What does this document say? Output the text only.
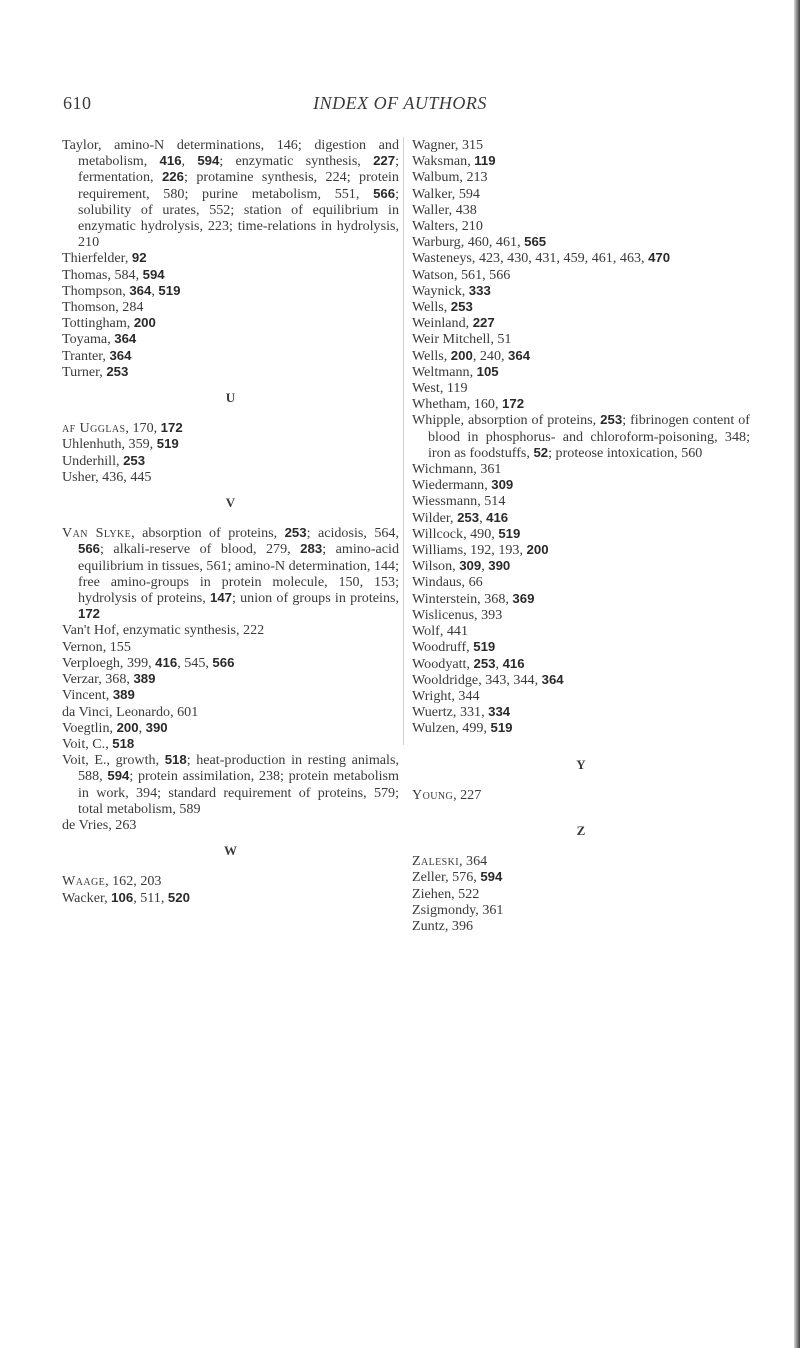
610	INDEX OF AUTHORS
Taylor, amino-N determinations, 146; digestion and metabolism, 416, 594; enzymatic synthesis, 227; fermentation, 226; protamine synthesis, 224; protein requirement, 580; purine metabolism, 551, 566; solubility of urates, 552; station of equilibrium in enzymatic hydrolysis, 223; time-relations in hydrolysis, 210
Thierfelder, 92
Thomas, 584, 594
Thompson, 364, 519
Thomson, 284
Tottingham, 200
Toyama, 364
Tranter, 364
Turner, 253
U
af Ugglas, 170, 172
Uhlenhuth, 359, 519
Underhill, 253
Usher, 436, 445
V
Van Slyke, absorption of proteins, 253; acidosis, 564, 566; alkali-reserve of blood, 279, 283; amino-acid equilibrium in tissues, 561; amino-N determination, 144; free amino-groups in protein molecule, 150, 153; hydrolysis of proteins, 147; union of groups in proteins, 172
Van't Hof, enzymatic synthesis, 222
Vernon, 155
Verploegh, 399, 416, 545, 566
Verzar, 368, 389
Vincent, 389
da Vinci, Leonardo, 601
Voegtlin, 200, 390
Voit, C., 518
Voit, E., growth, 518; heat-production in resting animals, 588, 594; protein assimilation, 238; protein metabolism in work, 394; standard requirement of proteins, 579; total metabolism, 589
de Vries, 263
W
Waage, 162, 203
Wacker, 106, 511, 520
Wagner, 315
Waksman, 119
Walbum, 213
Walker, 594
Waller, 438
Walters, 210
Warburg, 460, 461, 565
Wasteneys, 423, 430, 431, 459, 461, 463, 470
Watson, 561, 566
Waynick, 333
Wells, 253
Weinland, 227
Weir Mitchell, 51
Wells, 200, 240, 364
Weltmann, 105
West, 119
Whetham, 160, 172
Whipple, absorption of proteins, 253; fibrinogen content of blood in phosphorus- and chloroform-poisoning, 348; iron as foodstuffs, 52; proteose intoxication, 560
Wichmann, 361
Wiedermann, 309
Wiessmann, 514
Wilder, 253, 416
Willcock, 490, 519
Williams, 192, 193, 200
Wilson, 309, 390
Windaus, 66
Winterstein, 368, 369
Wislicenus, 393
Wolf, 441
Woodruff, 519
Woodyatt, 253, 416
Wooldridge, 343, 344, 364
Wright, 344
Wuertz, 331, 334
Wulzen, 499, 519
Y
Young, 227
Z
Zaleski, 364
Zeller, 576, 594
Ziehen, 522
Zsigmondy, 361
Zuntz, 396
